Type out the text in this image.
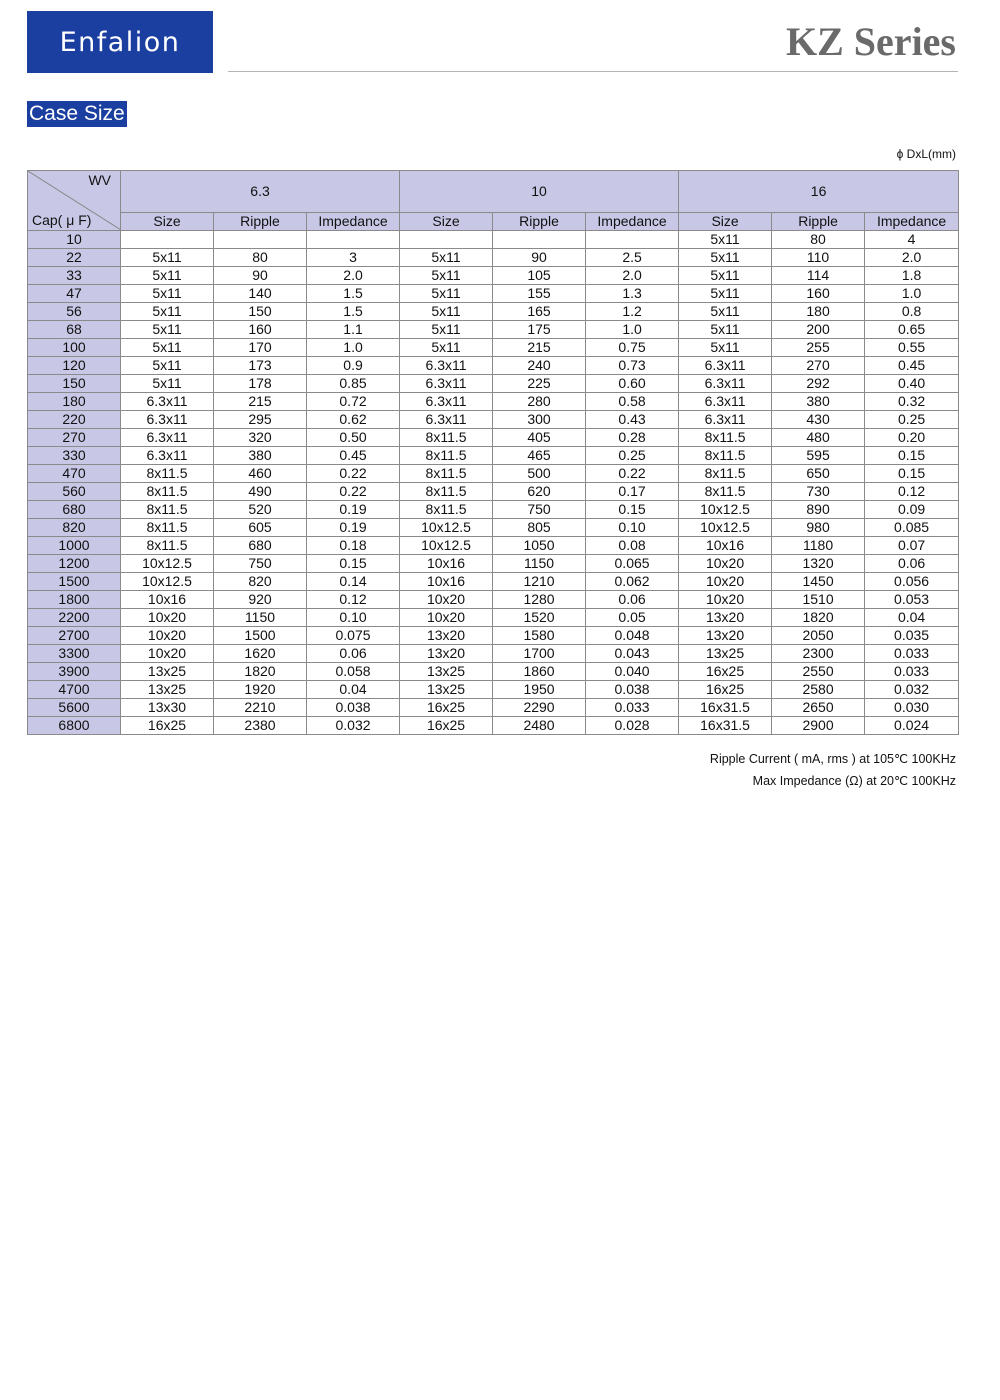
Enfalion	KZ Series
Case Size
ϕ DxL(mm)
WV
Cap( μ F)	6.3			10			16		
	Size	Ripple	Impedance	Size	Ripple	Impedance	Size	Ripple	Impedance
10							5x11	80	4
22	5x11	80	3	5x11	90	2.5	5x11	110	2.0
33	5x11	90	2.0	5x11	105	2.0	5x11	114	1.8
47	5x11	140	1.5	5x11	155	1.3	5x11	160	1.0
56	5x11	150	1.5	5x11	165	1.2	5x11	180	0.8
68	5x11	160	1.1	5x11	175	1.0	5x11	200	0.65
100	5x11	170	1.0	5x11	215	0.75	5x11	255	0.55
120	5x11	173	0.9	6.3x11	240	0.73	6.3x11	270	0.45
150	5x11	178	0.85	6.3x11	225	0.60	6.3x11	292	0.40
180	6.3x11	215	0.72	6.3x11	280	0.58	6.3x11	380	0.32
220	6.3x11	295	0.62	6.3x11	300	0.43	6.3x11	430	0.25
270	6.3x11	320	0.50	8x11.5	405	0.28	8x11.5	480	0.20
330	6.3x11	380	0.45	8x11.5	465	0.25	8x11.5	595	0.15
470	8x11.5	460	0.22	8x11.5	500	0.22	8x11.5	650	0.15
560	8x11.5	490	0.22	8x11.5	620	0.17	8x11.5	730	0.12
680	8x11.5	520	0.19	8x11.5	750	0.15	10x12.5	890	0.09
820	8x11.5	605	0.19	10x12.5	805	0.10	10x12.5	980	0.085
1000	8x11.5	680	0.18	10x12.5	1050	0.08	10x16	1180	0.07
1200	10x12.5	750	0.15	10x16	1150	0.065	10x20	1320	0.06
1500	10x12.5	820	0.14	10x16	1210	0.062	10x20	1450	0.056
1800	10x16	920	0.12	10x20	1280	0.06	10x20	1510	0.053
2200	10x20	1150	0.10	10x20	1520	0.05	13x20	1820	0.04
2700	10x20	1500	0.075	13x20	1580	0.048	13x20	2050	0.035
3300	10x20	1620	0.06	13x20	1700	0.043	13x25	2300	0.033
3900	13x25	1820	0.058	13x25	1860	0.040	16x25	2550	0.033
4700	13x25	1920	0.04	13x25	1950	0.038	16x25	2580	0.032
5600	13x30	2210	0.038	16x25	2290	0.033	16x31.5	2650	0.030
6800	16x25	2380	0.032	16x25	2480	0.028	16x31.5	2900	0.024
Ripple Current ( mA, rms ) at 105℃ 100KHz
Max Impedance (Ω) at 20℃ 100KHz
